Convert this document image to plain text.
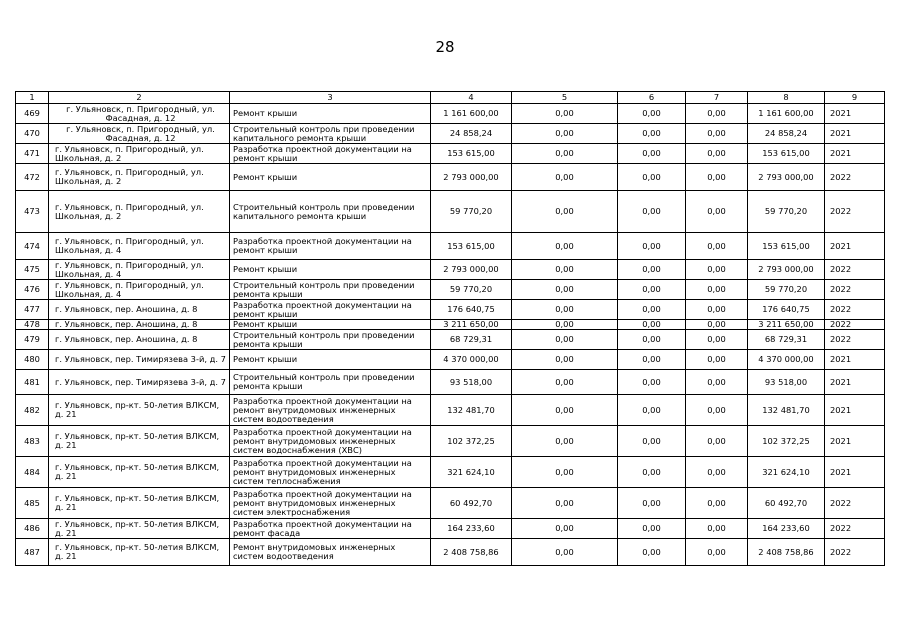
28
1	2	3	4	5	6	7	8	9
469	г. Ульяновск, п. Пригородный, ул. Фасадная, д. 12	Ремонт крыши	1 161 600,00	0,00	0,00	0,00	1 161 600,00	2021
470	г. Ульяновск, п. Пригородный, ул. Фасадная, д. 12	Строительный контроль при проведении капитального ремонта крыши	24 858,24	0,00	0,00	0,00	24 858,24	2021
471	г. Ульяновск, п. Пригородный, ул. Школьная, д. 2	Разработка проектной документации на ремонт крыши	153 615,00	0,00	0,00	0,00	153 615,00	2021
472	г. Ульяновск, п. Пригородный, ул. Школьная, д. 2	Ремонт крыши	2 793 000,00	0,00	0,00	0,00	2 793 000,00	2022
473	г. Ульяновск, п. Пригородный, ул. Школьная, д. 2	Строительный контроль при проведении капитального ремонта крыши	59 770,20	0,00	0,00	0,00	59 770,20	2022
474	г. Ульяновск, п. Пригородный, ул. Школьная, д. 4	Разработка проектной документации на ремонт крыши	153 615,00	0,00	0,00	0,00	153 615,00	2021
475	г. Ульяновск, п. Пригородный, ул. Школьная, д. 4	Ремонт крыши	2 793 000,00	0,00	0,00	0,00	2 793 000,00	2022
476	г. Ульяновск, п. Пригородный, ул. Школьная, д. 4	Строительный контроль при проведении ремонта крыши	59 770,20	0,00	0,00	0,00	59 770,20	2022
477	г. Ульяновск, пер. Аношина, д. 8	Разработка проектной документации на ремонт крыши	176 640,75	0,00	0,00	0,00	176 640,75	2022
478	г. Ульяновск, пер. Аношина, д. 8	Ремонт крыши	3 211 650,00	0,00	0,00	0,00	3 211 650,00	2022
479	г. Ульяновск, пер. Аношина, д. 8	Строительный контроль при проведении ремонта крыши	68 729,31	0,00	0,00	0,00	68 729,31	2022
480	г. Ульяновск, пер. Тимирязева 3-й, д. 7	Ремонт крыши	4 370 000,00	0,00	0,00	0,00	4 370 000,00	2021
481	г. Ульяновск, пер. Тимирязева 3-й, д. 7	Строительный контроль при проведении ремонта крыши	93 518,00	0,00	0,00	0,00	93 518,00	2021
482	г. Ульяновск, пр-кт. 50-летия ВЛКСМ, д. 21	Разработка проектной документации на ремонт внутридомовых инженерных систем водоотведения	132 481,70	0,00	0,00	0,00	132 481,70	2021
483	г. Ульяновск, пр-кт. 50-летия ВЛКСМ, д. 21	Разработка проектной документации на ремонт внутридомовых инженерных систем водоснабжения (ХВС)	102 372,25	0,00	0,00	0,00	102 372,25	2021
484	г. Ульяновск, пр-кт. 50-летия ВЛКСМ, д. 21	Разработка проектной документации на ремонт внутридомовых инженерных систем теплоснабжения	321 624,10	0,00	0,00	0,00	321 624,10	2021
485	г. Ульяновск, пр-кт. 50-летия ВЛКСМ, д. 21	Разработка проектной документации на ремонт внутридомовых инженерных систем электроснабжения	60 492,70	0,00	0,00	0,00	60 492,70	2022
486	г. Ульяновск, пр-кт. 50-летия ВЛКСМ, д. 21	Разработка проектной документации на ремонт фасада	164 233,60	0,00	0,00	0,00	164 233,60	2022
487	г. Ульяновск, пр-кт. 50-летия ВЛКСМ, д. 21	Ремонт внутридомовых инженерных систем водоотведения	2 408 758,86	0,00	0,00	0,00	2 408 758,86	2022
